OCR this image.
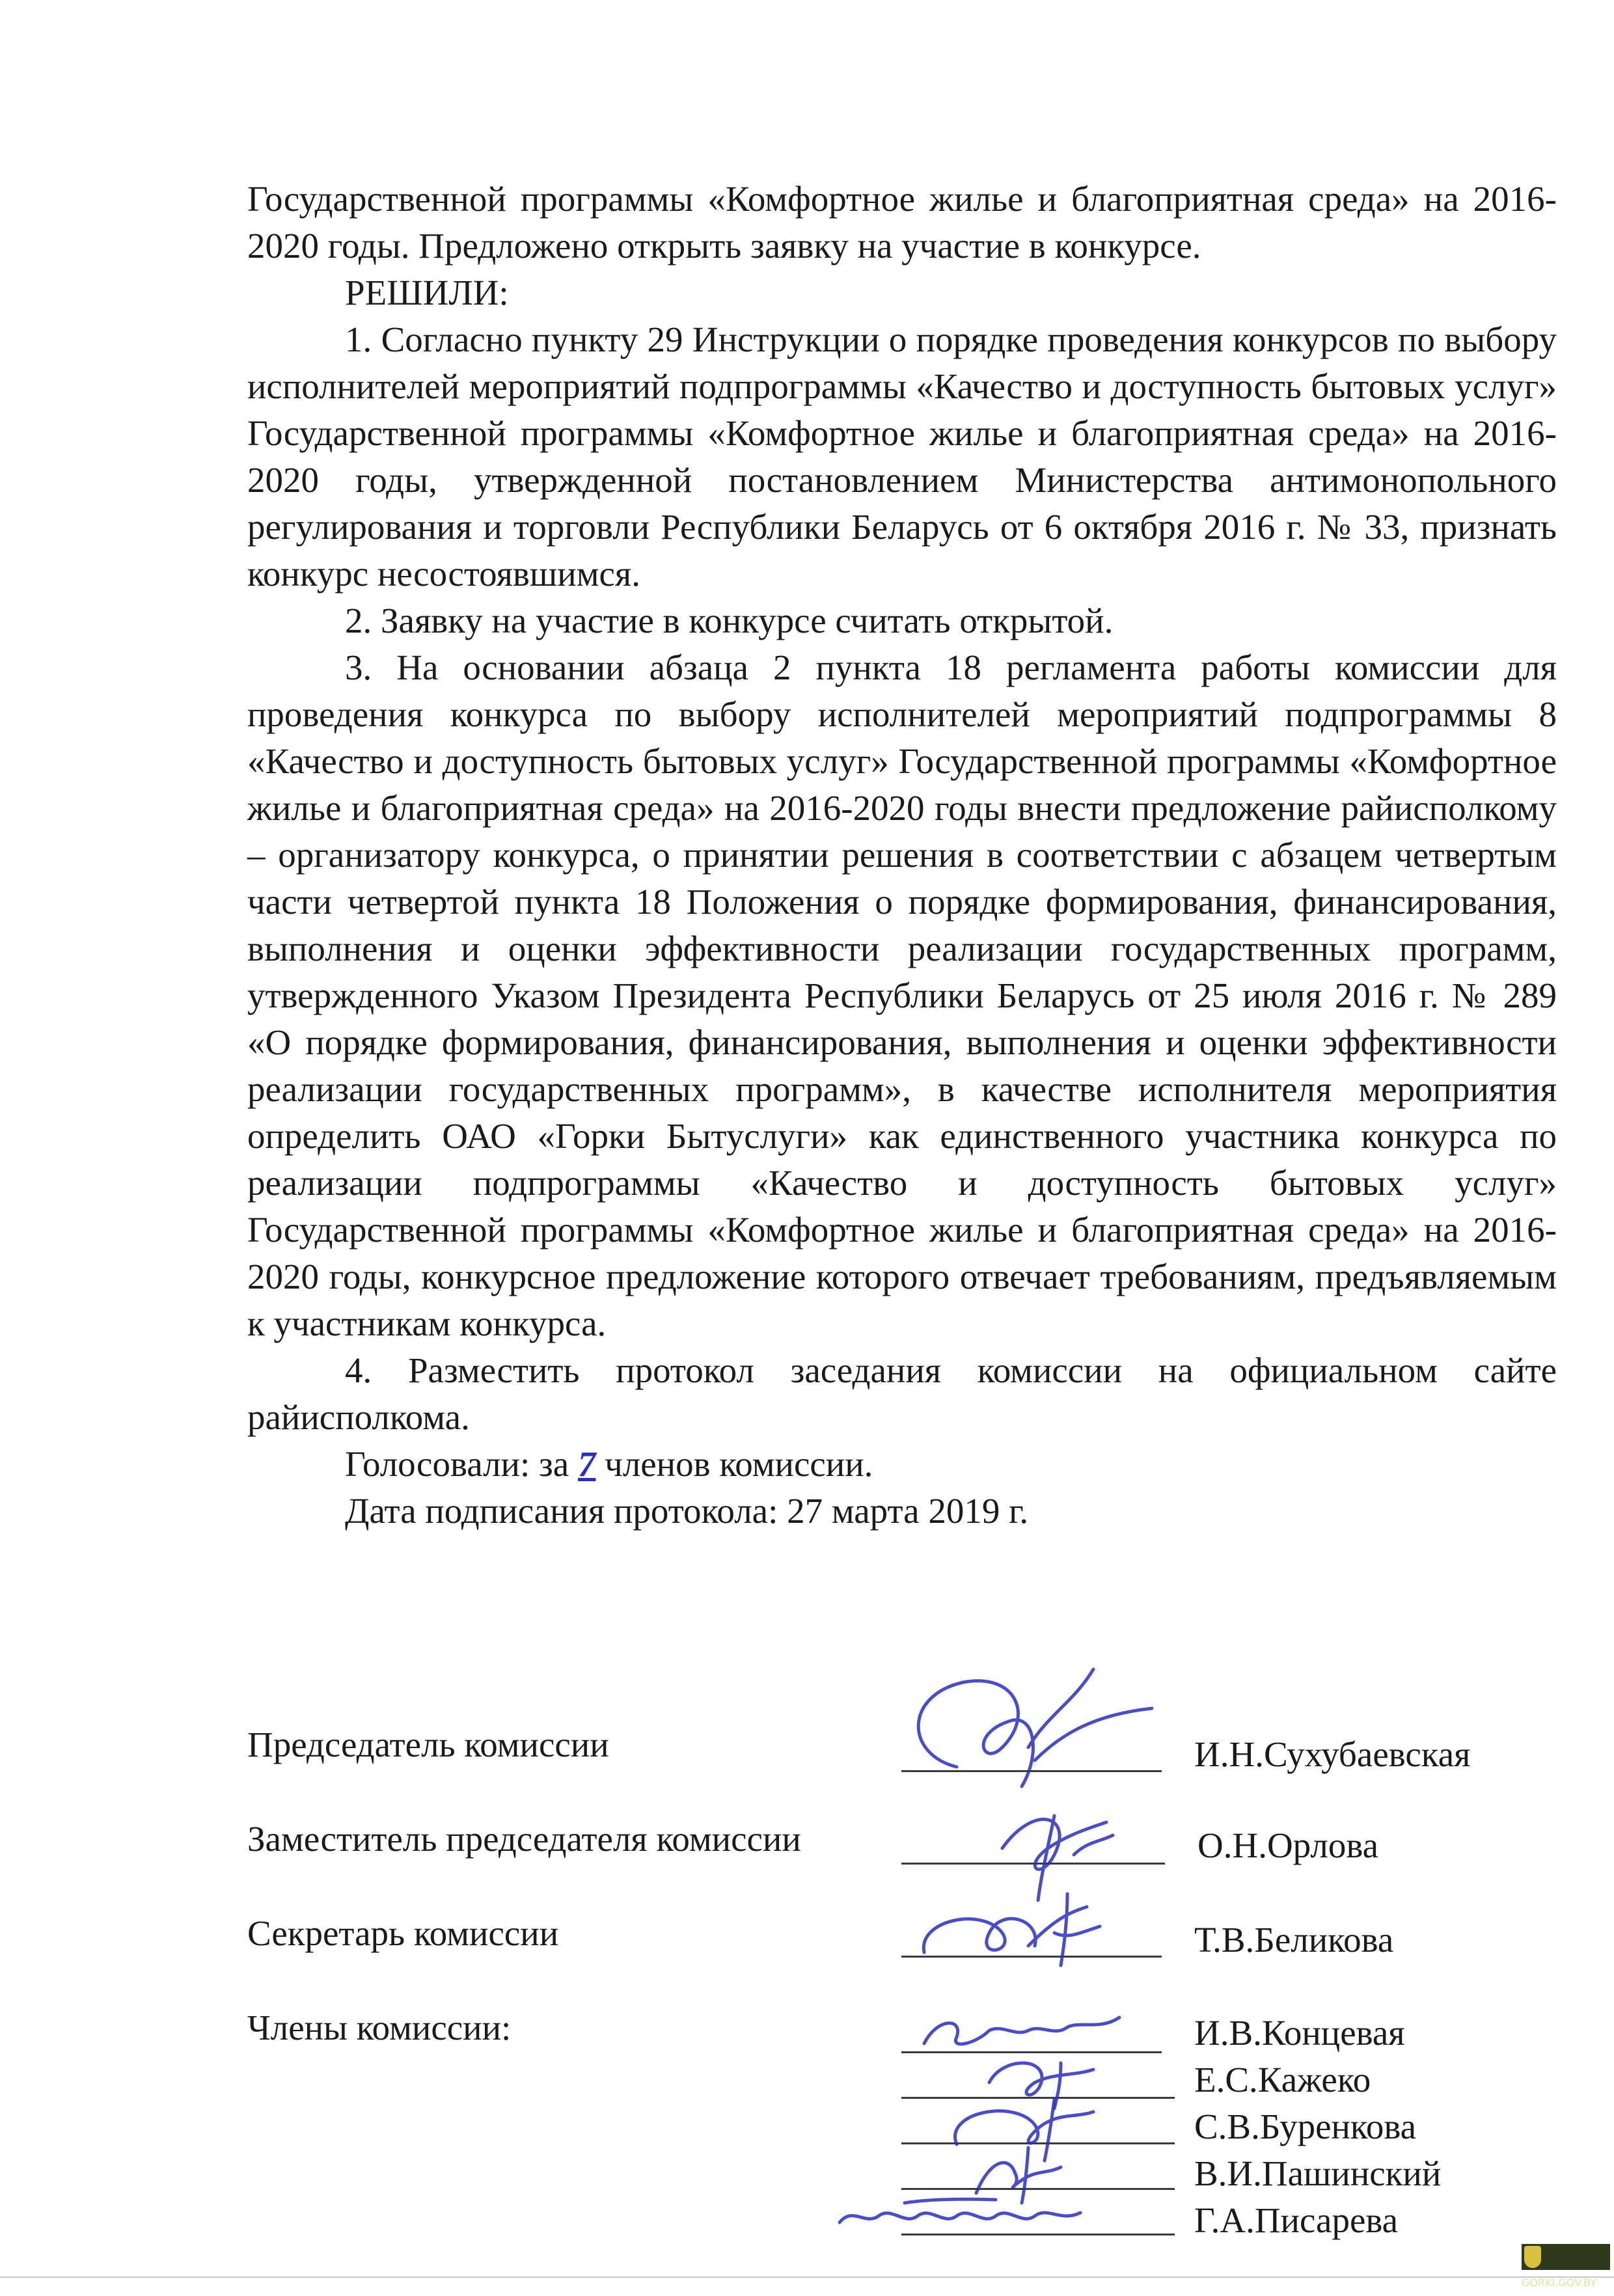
Государственной программы «Комфортное жилье и благоприятная среда» на 2016-2020 годы. Предложено открыть заявку на участие в конкурсе.

РЕШИЛИ:

1. Согласно пункту 29 Инструкции о порядке проведения конкурсов по выбору исполнителей мероприятий подпрограммы «Качество и доступность бытовых услуг» Государственной программы «Комфортное жилье и благоприятная среда» на 2016-2020 годы, утвержденной постановлением Министерства антимонопольного регулирования и торговли Республики Беларусь от 6 октября 2016 г. № 33, признать конкурс несостоявшимся.

2. Заявку на участие в конкурсе считать открытой.

3. На основании абзаца 2 пункта 18 регламента работы комиссии для проведения конкурса по выбору исполнителей мероприятий подпрограммы 8 «Качество и доступность бытовых услуг» Государственной программы «Комфортное жилье и благоприятная среда» на 2016-2020 годы внести предложение райисполкому – организатору конкурса, о принятии решения в соответствии с абзацем четвертым части четвертой пункта 18 Положения о порядке формирования, финансирования, выполнения и оценки эффективности реализации государственных программ, утвержденного Указом Президента Республики Беларусь от 25 июля 2016 г. № 289 «О порядке формирования, финансирования, выполнения и оценки эффективности реализации государственных программ», в качестве исполнителя мероприятия определить ОАО «Горки Бытуслуги» как единственного участника конкурса по реализации подпрограммы «Качество и доступность бытовых услуг» Государственной программы «Комфортное жилье и благоприятная среда» на 2016-2020 годы, конкурсное предложение которого отвечает требованиям, предъявляемым к участникам конкурса.

4. Разместить протокол заседания комиссии на официальном сайте райисполкома.

Голосовали: за 7 членов комиссии.

Дата подписания протокола: 27 марта 2019 г.

Председатель комиссии	И.Н.Сухубаевская
Заместитель председателя комиссии	О.Н.Орлова
Секретарь комиссии	Т.В.Беликова
Члены комиссии:	И.В.Концевая
Е.С.Кажеко
С.В.Буренкова
В.И.Пашинский
Г.А.Писарева
GORKI.GOV.BY
